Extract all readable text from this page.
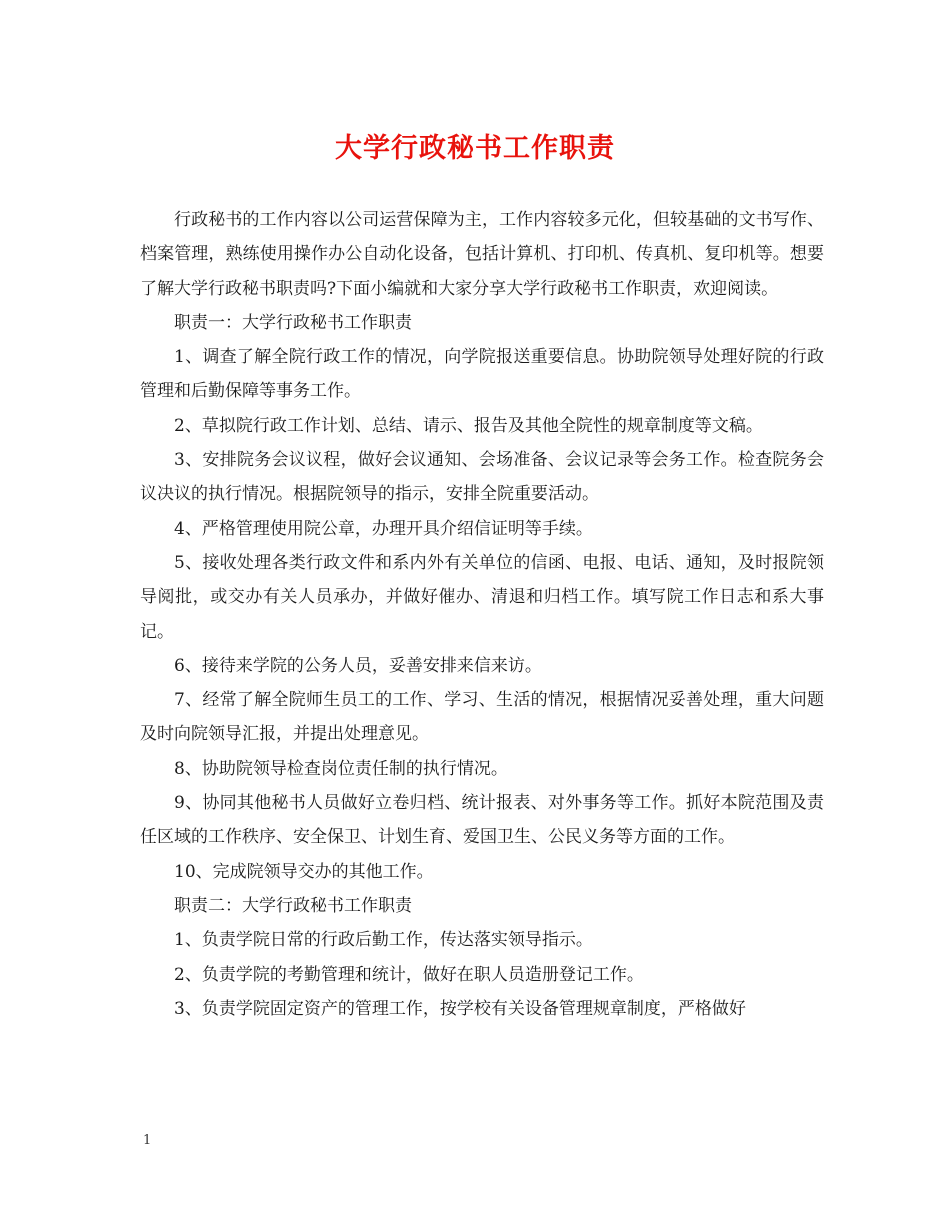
大学行政秘书工作职责

行政秘书的工作内容以公司运营保障为主，工作内容较多元化，但较基础的文书写作、档案管理，熟练使用操作办公自动化设备，包括计算机、打印机、传真机、复印机等。想要了解大学行政秘书职责吗?下面小编就和大家分享大学行政秘书工作职责，欢迎阅读。

职责一：大学行政秘书工作职责

1、调查了解全院行政工作的情况，向学院报送重要信息。协助院领导处理好院的行政管理和后勤保障等事务工作。

2、草拟院行政工作计划、总结、请示、报告及其他全院性的规章制度等文稿。

3、安排院务会议议程，做好会议通知、会场准备、会议记录等会务工作。检查院务会议决议的执行情况。根据院领导的指示，安排全院重要活动。

4、严格管理使用院公章，办理开具介绍信证明等手续。

5、接收处理各类行政文件和系内外有关单位的信函、电报、电话、通知，及时报院领导阅批，或交办有关人员承办，并做好催办、清退和归档工作。填写院工作日志和系大事记。

6、接待来学院的公务人员，妥善安排来信来访。

7、经常了解全院师生员工的工作、学习、生活的情况，根据情况妥善处理，重大问题及时向院领导汇报，并提出处理意见。

8、协助院领导检查岗位责任制的执行情况。

9、协同其他秘书人员做好立卷归档、统计报表、对外事务等工作。抓好本院范围及责任区域的工作秩序、安全保卫、计划生育、爱国卫生、公民义务等方面的工作。

10、完成院领导交办的其他工作。

职责二：大学行政秘书工作职责

1、负责学院日常的行政后勤工作，传达落实领导指示。

2、负责学院的考勤管理和统计，做好在职人员造册登记工作。

3、负责学院固定资产的管理工作，按学校有关设备管理规章制度，严格做好

1
